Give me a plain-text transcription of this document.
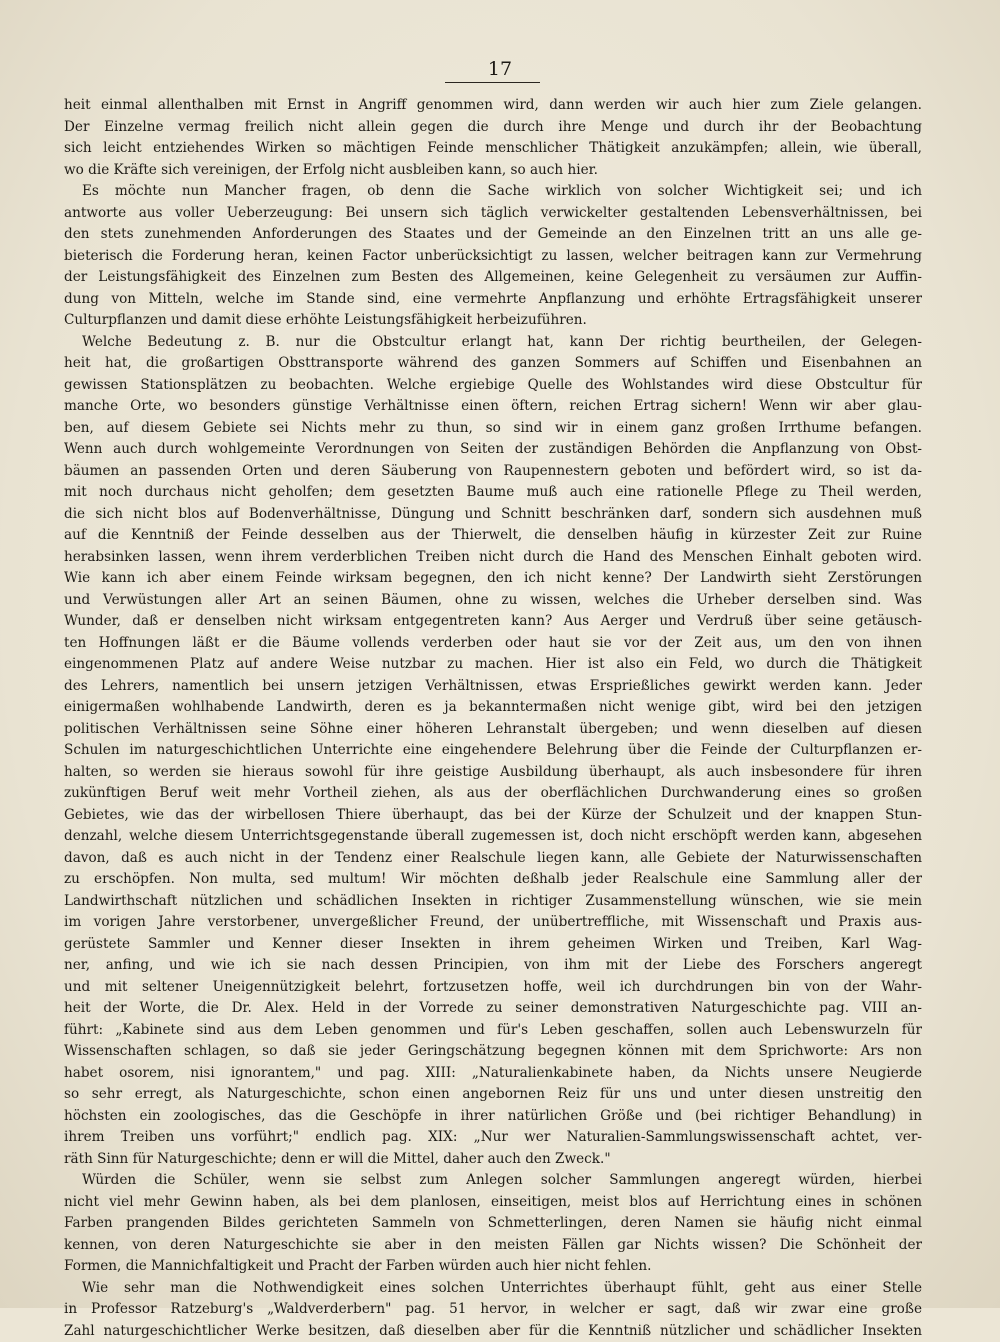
17
heit einmal allenthalben mit Ernst in Angriff genommen wird, dann werden wir auch hier zum Ziele gelangen.
Der Einzelne vermag freilich nicht allein gegen die durch ihre Menge und durch ihr der Beobachtung
sich leicht entziehendes Wirken so mächtigen Feinde menschlicher Thätigkeit anzukämpfen; allein, wie überall,
wo die Kräfte sich vereinigen, der Erfolg nicht ausbleiben kann, so auch hier.
Es möchte nun Mancher fragen, ob denn die Sache wirklich von solcher Wichtigkeit sei; und ich
antworte aus voller Ueberzeugung: Bei unsern sich täglich verwickelter gestaltenden Lebensverhältnissen, bei
den stets zunehmenden Anforderungen des Staates und der Gemeinde an den Einzelnen tritt an uns alle ge-
bieterisch die Forderung heran, keinen Factor unberücksichtigt zu lassen, welcher beitragen kann zur Vermehrung
der Leistungsfähigkeit des Einzelnen zum Besten des Allgemeinen, keine Gelegenheit zu versäumen zur Auffin-
dung von Mitteln, welche im Stande sind, eine vermehrte Anpflanzung und erhöhte Ertragsfähigkeit unserer
Culturpflanzen und damit diese erhöhte Leistungsfähigkeit herbeizuführen.
Welche Bedeutung z. B. nur die Obstcultur erlangt hat, kann Der richtig beurtheilen, der Gelegen-
heit hat, die großartigen Obsttransporte während des ganzen Sommers auf Schiffen und Eisenbahnen an
gewissen Stationsplätzen zu beobachten. Welche ergiebige Quelle des Wohlstandes wird diese Obstcultur für
manche Orte, wo besonders günstige Verhältnisse einen öftern, reichen Ertrag sichern! Wenn wir aber glau-
ben, auf diesem Gebiete sei Nichts mehr zu thun, so sind wir in einem ganz großen Irrthume befangen.
Wenn auch durch wohlgemeinte Verordnungen von Seiten der zuständigen Behörden die Anpflanzung von Obst-
bäumen an passenden Orten und deren Säuberung von Raupennestern geboten und befördert wird, so ist da-
mit noch durchaus nicht geholfen; dem gesetzten Baume muß auch eine rationelle Pflege zu Theil werden,
die sich nicht blos auf Bodenverhältnisse, Düngung und Schnitt beschränken darf, sondern sich ausdehnen muß
auf die Kenntniß der Feinde desselben aus der Thierwelt, die denselben häufig in kürzester Zeit zur Ruine
herabsinken lassen, wenn ihrem verderblichen Treiben nicht durch die Hand des Menschen Einhalt geboten wird.
Wie kann ich aber einem Feinde wirksam begegnen, den ich nicht kenne? Der Landwirth sieht Zerstörungen
und Verwüstungen aller Art an seinen Bäumen, ohne zu wissen, welches die Urheber derselben sind. Was
Wunder, daß er denselben nicht wirksam entgegentreten kann? Aus Aerger und Verdruß über seine getäusch-
ten Hoffnungen läßt er die Bäume vollends verderben oder haut sie vor der Zeit aus, um den von ihnen
eingenommenen Platz auf andere Weise nutzbar zu machen. Hier ist also ein Feld, wo durch die Thätigkeit
des Lehrers, namentlich bei unsern jetzigen Verhältnissen, etwas Ersprießliches gewirkt werden kann. Jeder
einigermaßen wohlhabende Landwirth, deren es ja bekanntermaßen nicht wenige gibt, wird bei den jetzigen
politischen Verhältnissen seine Söhne einer höheren Lehranstalt übergeben; und wenn dieselben auf diesen
Schulen im naturgeschichtlichen Unterrichte eine eingehendere Belehrung über die Feinde der Culturpflanzen er-
halten, so werden sie hieraus sowohl für ihre geistige Ausbildung überhaupt, als auch insbesondere für ihren
zukünftigen Beruf weit mehr Vortheil ziehen, als aus der oberflächlichen Durchwanderung eines so großen
Gebietes, wie das der wirbellosen Thiere überhaupt, das bei der Kürze der Schulzeit und der knappen Stun-
denzahl, welche diesem Unterrichtsgegenstande überall zugemessen ist, doch nicht erschöpft werden kann, abgesehen
davon, daß es auch nicht in der Tendenz einer Realschule liegen kann, alle Gebiete der Naturwissenschaften
zu erschöpfen. Non multa, sed multum! Wir möchten deßhalb jeder Realschule eine Sammlung aller der
Landwirthschaft nützlichen und schädlichen Insekten in richtiger Zusammenstellung wünschen, wie sie mein
im vorigen Jahre verstorbener, unvergeßlicher Freund, der unübertreffliche, mit Wissenschaft und Praxis aus-
gerüstete Sammler und Kenner dieser Insekten in ihrem geheimen Wirken und Treiben, Karl Wag-
ner, anfing, und wie ich sie nach dessen Principien, von ihm mit der Liebe des Forschers angeregt
und mit seltener Uneigennützigkeit belehrt, fortzusetzen hoffe, weil ich durchdrungen bin von der Wahr-
heit der Worte, die Dr. Alex. Held in der Vorrede zu seiner demonstrativen Naturgeschichte pag. VIII an-
führt: „Kabinete sind aus dem Leben genommen und für's Leben geschaffen, sollen auch Lebenswurzeln für
Wissenschaften schlagen, so daß sie jeder Geringschätzung begegnen können mit dem Sprichworte: Ars non
habet osorem, nisi ignorantem," und pag. XIII: „Naturalienkabinete haben, da Nichts unsere Neugierde
so sehr erregt, als Naturgeschichte, schon einen angebornen Reiz für uns und unter diesen unstreitig den
höchsten ein zoologisches, das die Geschöpfe in ihrer natürlichen Größe und (bei richtiger Behandlung) in
ihrem Treiben uns vorführt;" endlich pag. XIX: „Nur wer Naturalien-Sammlungswissenschaft achtet, ver-
räth Sinn für Naturgeschichte; denn er will die Mittel, daher auch den Zweck."
Würden die Schüler, wenn sie selbst zum Anlegen solcher Sammlungen angeregt würden, hierbei
nicht viel mehr Gewinn haben, als bei dem planlosen, einseitigen, meist blos auf Herrichtung eines in schönen
Farben prangenden Bildes gerichteten Sammeln von Schmetterlingen, deren Namen sie häufig nicht einmal
kennen, von deren Naturgeschichte sie aber in den meisten Fällen gar Nichts wissen? Die Schönheit der
Formen, die Mannichfaltigkeit und Pracht der Farben würden auch hier nicht fehlen.
Wie sehr man die Nothwendigkeit eines solchen Unterrichtes überhaupt fühlt, geht aus einer Stelle
in Professor Ratzeburg's „Waldverderbern" pag. 51 hervor, in welcher er sagt, daß wir zwar eine große
Zahl naturgeschichtlicher Werke besitzen, daß dieselben aber für die Kenntniß nützlicher und schädlicher Insekten
